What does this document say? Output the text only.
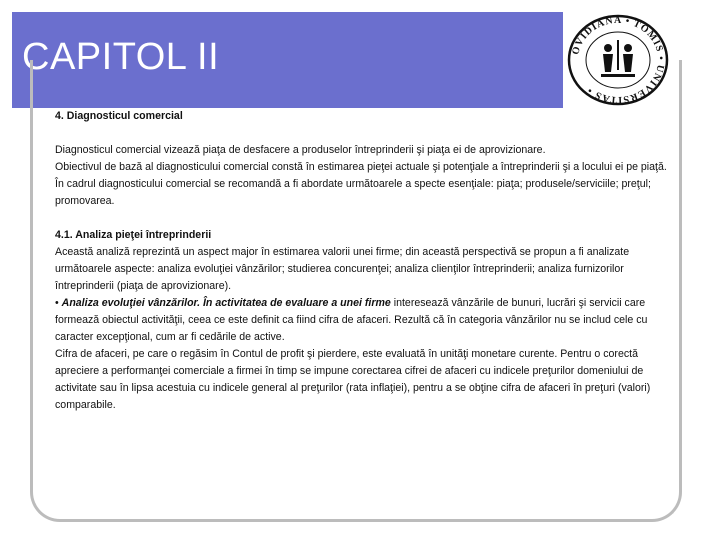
CAPITOL II	OVIDIANA • TOMIS • UNIVERSITAS •

4. Diagnosticul comercial

Diagnosticul comercial vizează piaţa de desfacere a produselor întreprinderii şi piaţa ei de aprovizionare.

Obiectivul de bază al diagnosticului comercial constă în estimarea pieţei actuale şi potenţiale a întreprinderii şi a locului ei pe piaţă.

În cadrul diagnosticului comercial se recomandă a fi abordate următoarele a specte esenţiale: piaţa; produsele/serviciile; preţul; promovarea.

4.1. Analiza pieţei întreprinderii

Această analiză reprezintă un aspect major în estimarea valorii unei firme; din această perspectivă se propun a fi analizate următoarele aspecte: analiza evoluţiei vânzărilor; studierea concurenţei; analiza clienţilor întreprinderii; analiza furnizorilor întreprinderii (piaţa de aprovizionare).

• Analiza evoluţiei vânzărilor. În activitatea de evaluare a unei firme interesează vânzările de bunuri, lucrări şi servicii care formează obiectul activităţii, ceea ce este definit ca fiind cifra de afaceri. Rezultă că în categoria vânzărilor nu se includ cele cu caracter excepţional, cum ar fi cedările de active.

Cifra de afaceri, pe care o regăsim în Contul de profit şi pierdere, este evaluată în unităţi monetare curente. Pentru o corectă apreciere a performanţei comerciale a firmei în timp se impune corectarea cifrei de afaceri cu indicele preţurilor domeniului de activitate sau în lipsa acestuia cu indicele general al preţurilor (rata inflaţiei), pentru a se obţine cifra de afaceri în preţuri (valori) comparabile.
